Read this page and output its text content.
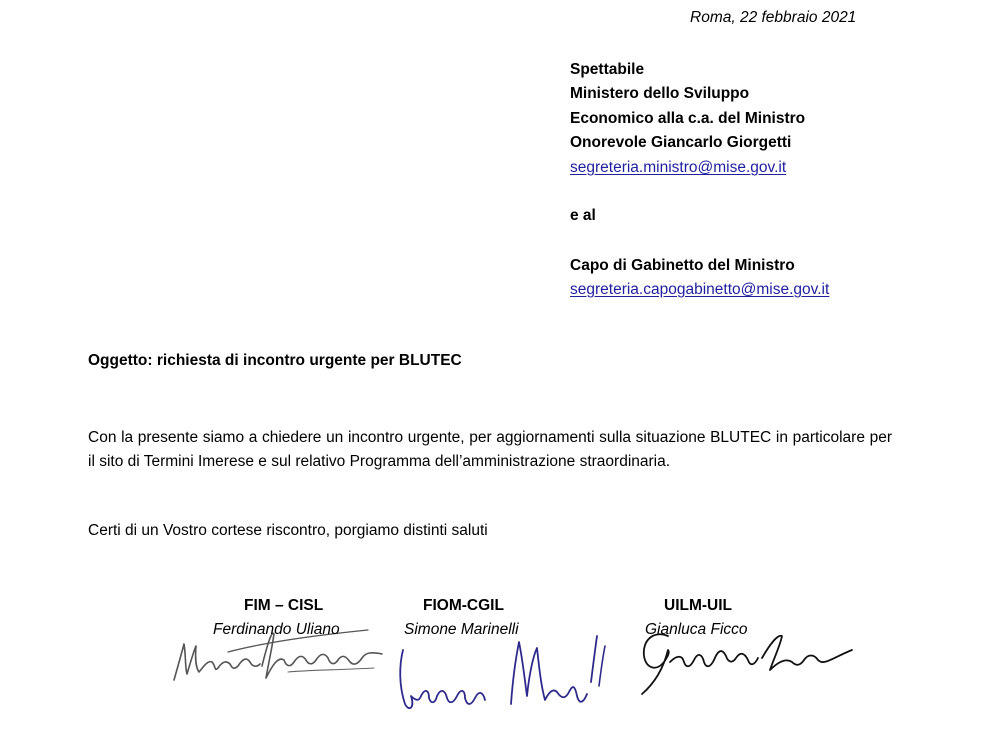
Roma, 22 febbraio 2021
Spettabile
Ministero dello Sviluppo
Economico alla c.a. del Ministro
Onorevole Giancarlo Giorgetti
segreteria.ministro@mise.gov.it
e al
Capo di Gabinetto del Ministro
segreteria.capogabinetto@mise.gov.it
Oggetto: richiesta di incontro urgente per BLUTEC
Con la presente siamo a chiedere un incontro urgente, per aggiornamenti sulla situazione BLUTEC in particolare per il sito di Termini Imerese e sul relativo Programma dell’amministrazione straordinaria.
Certi di un Vostro cortese riscontro, porgiamo distinti saluti
FIM – CISL
Ferdinando Uliano
FIOM-CGIL
Simone Marinelli
UILM-UIL
Gianluca Ficco
